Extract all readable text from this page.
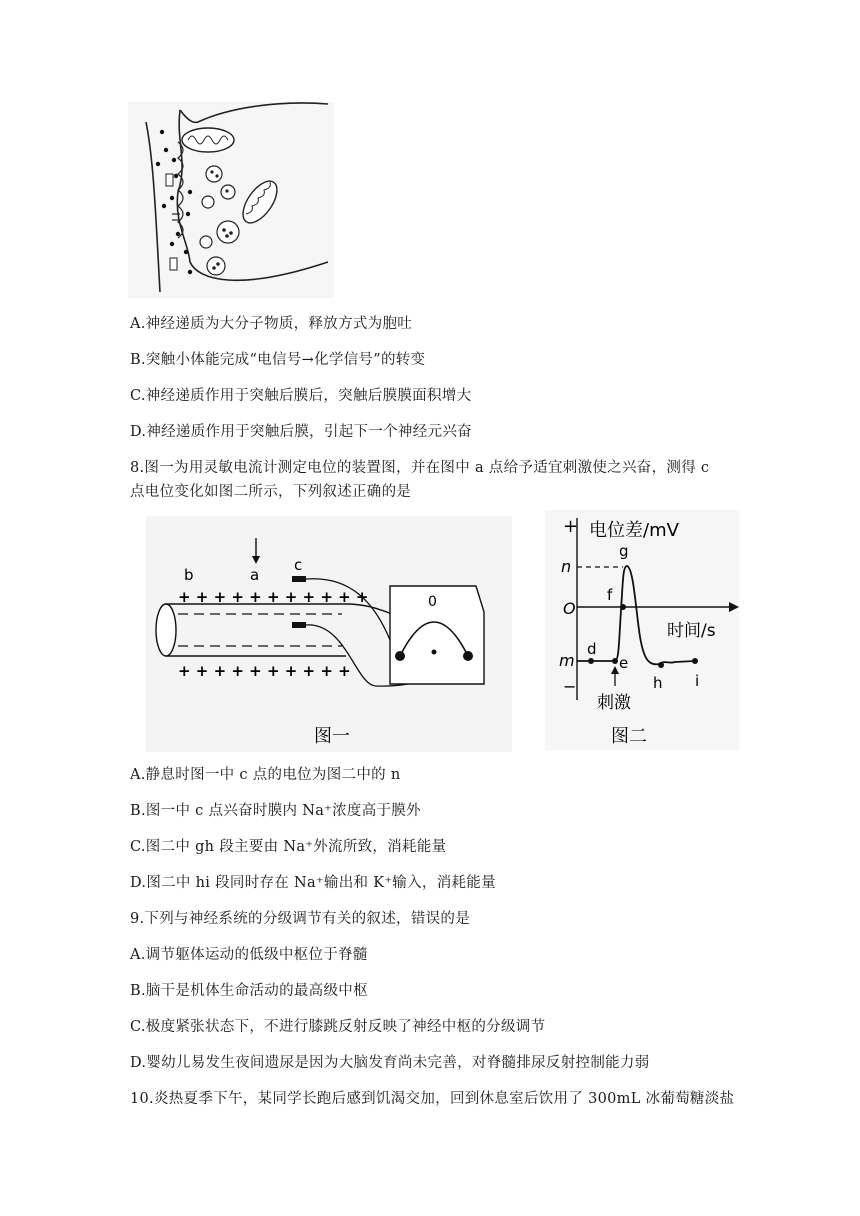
A.神经递质为大分子物质，释放方式为胞吐
B.突触小体能完成“电信号→化学信号”的转变
C.神经递质作用于突触后膜后，突触后膜膜面积增大
D.神经递质作用于突触后膜，引起下一个神经元兴奋
8.图一为用灵敏电流计测定电位的装置图，并在图中 a 点给予适宜刺激使之兴奋，测得 c
点电位变化如图二所示，下列叙述正确的是
a
b
c
+ + + + + + + + + + +
+ + + + + + + + + +
0
图一
+ 电位差/mV
−
O
时间/s
n
m
d
e
f
g
h i
刺激
图二
A.静息时图一中 c 点的电位为图二中的 n
B.图一中 c 点兴奋时膜内 Na⁺浓度高于膜外
C.图二中 gh 段主要由 Na⁺外流所致，消耗能量
D.图二中 hi 段同时存在 Na⁺输出和 K⁺输入，消耗能量
9.下列与神经系统的分级调节有关的叙述，错误的是
A.调节躯体运动的低级中枢位于脊髓
B.脑干是机体生命活动的最高级中枢
C.极度紧张状态下，不进行膝跳反射反映了神经中枢的分级调节
D.婴幼儿易发生夜间遗尿是因为大脑发育尚未完善，对脊髓排尿反射控制能力弱
10.炎热夏季下午，某同学长跑后感到饥渴交加，回到休息室后饮用了 300mL 冰葡萄糖淡盐
